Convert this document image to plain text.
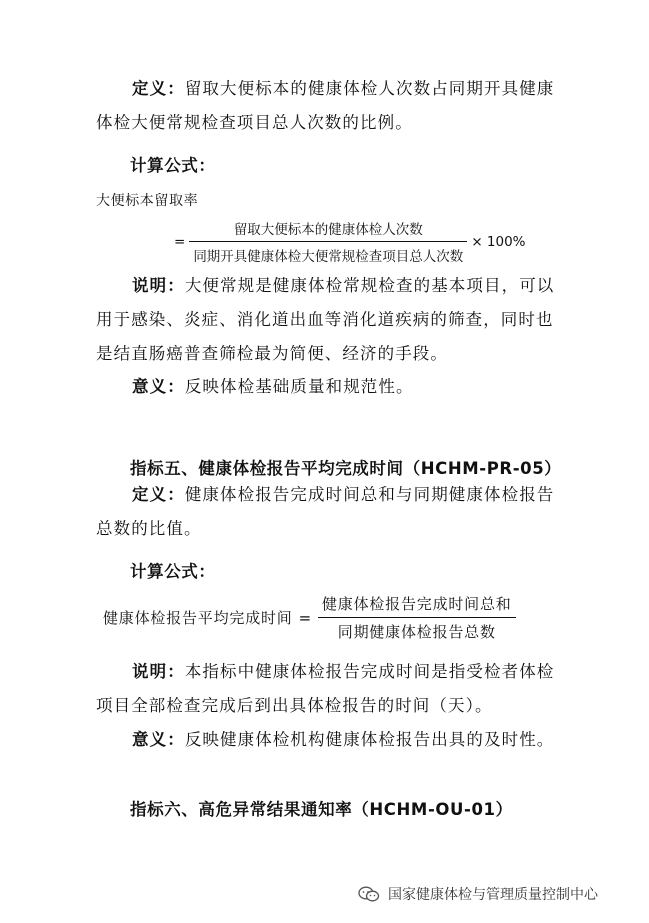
定义：留取大便标本的健康体检人次数占同期开具健康
体检大便常规检查项目总人次数的比例。
计算公式：
大便标本留取率
= $\frac{\text{留取大便标本的健康体检人次数}}{\text{同期开具健康体检大便常规检查项目总人次数}} \times 100\%$
说明：大便常规是健康体检常规检查的基本项目，可以
用于感染、炎症、消化道出血等消化道疾病的筛查，同时也
是结直肠癌普查筛检最为简便、经济的手段。
意义：反映体检基础质量和规范性。
指标五、健康体检报告平均完成时间（HCHM-PR-05）
定义：健康体检报告完成时间总和与同期健康体检报告
总数的比值。
计算公式：
健康体检报告平均完成时间 = $\frac{\text{健康体检报告完成时间总和}}{\text{同期健康体检报告总数}}$
说明：本指标中健康体检报告完成时间是指受检者体检
项目全部检查完成后到出具体检报告的时间（天）。
意义：反映健康体检机构健康体检报告出具的及时性。
指标六、高危异常结果通知率（HCHM-OU-01）
国家健康体检与管理质量控制中心
